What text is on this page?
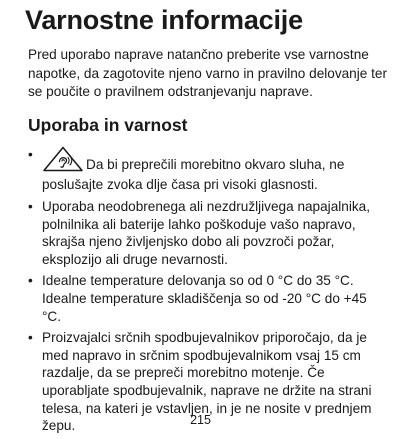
Varnostne informacije

Pred uporabo naprave natančno preberite vse varnostne napotke, da zagotovite njeno varno in pravilno delovanje ter se poučite o pravilnem odstranjevanju naprave.

Uporaba in varnost
•
Da bi preprečili morebitno okvaro sluha, ne poslušajte zvoka dlje časa pri visoki glasnosti.
• Uporaba neodobrenega ali nezdružljivega napajalnika, polnilnika ali baterije lahko poškoduje vašo napravo, skrajša njeno življenjsko dobo ali povzroči požar, eksplozijo ali druge nevarnosti.
• Idealne temperature delovanja so od 0 °C do 35 °C. Idealne temperature skladiščenja so od -20 °C do +45 °C.
• Proizvajalci srčnih spodbujevalnikov priporočajo, da je med napravo in srčnim spodbujevalnikom vsaj 15 cm razdalje, da se prepreči morebitno motenje. Če uporabljate spodbujevalnik, naprave ne držite na strani telesa, na kateri je vstavljen, in je ne nosite v prednjem žepu.	215
